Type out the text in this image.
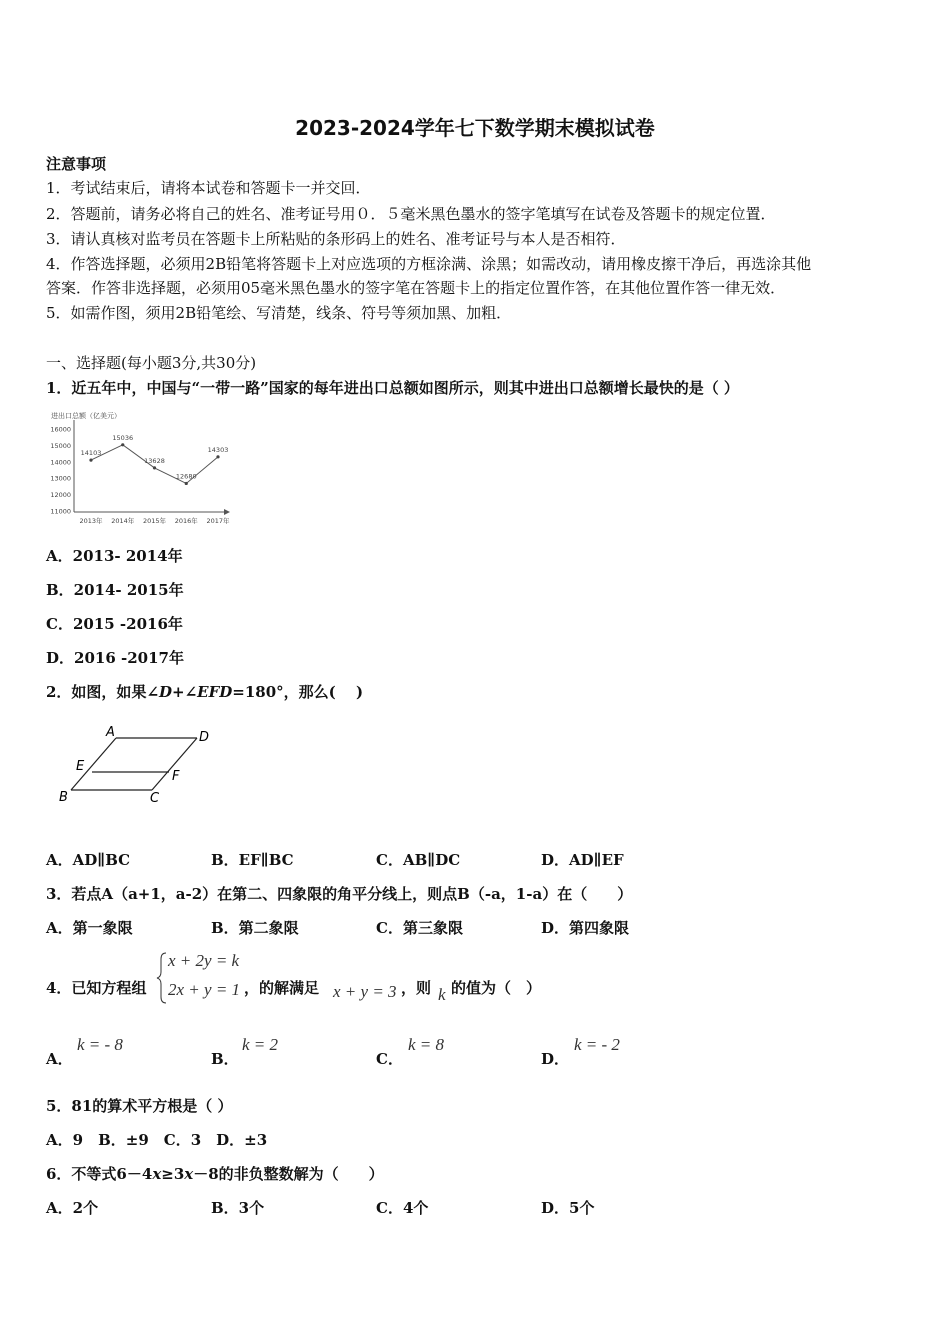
2023-2024学年七下数学期末模拟试卷
注意事项
1．考试结束后，请将本试卷和答题卡一并交回．
2．答题前，请务必将自己的姓名、准考证号用０．５毫米黑色墨水的签字笔填写在试卷及答题卡的规定位置．
3．请认真核对监考员在答题卡上所粘贴的条形码上的姓名、准考证号与本人是否相符．
4．作答选择题，必须用2B铅笔将答题卡上对应选项的方框涂满、涂黑；如需改动，请用橡皮擦干净后，再选涂其他
答案．作答非选择题，必须用05毫米黑色墨水的签字笔在答题卡上的指定位置作答，在其他位置作答一律无效．
5．如需作图，须用2B铅笔绘、写清楚，线条、符号等须加黑、加粗．
一、选择题(每小题3分,共30分)
1．近五年中，中国与“一带一路”国家的每年进出口总额如图所示，则其中进出口总额增长最快的是（ ）
进出口总额（亿美元）
16000
15000
14000
13000
12000
11000
2013年 2014年 2015年 2016年 2017年
14103
15036
13628
12680
14303
A．2013- 2014年
B．2014- 2015年
C．2015 -2016年
D．2016 -2017年
2．如图，如果∠D+∠EFD=180°，那么(　 )
A	D
E
F
B	C
A．AD∥BC	B．EF∥BC	C．AB∥DC	D．AD∥EF
3．若点A（a+1，a-2）在第二、四象限的角平分线上，则点B（-a，1-a）在（　　）
A．第一象限	B．第二象限	C．第三象限	D．第四象限
4．已知方程组
x + 2y = k
2x + y = 1 ，的解满足 x + y = 3 ，则 k 的值为（　）
A．
k = - 8
B．
k = 2
C．
k = 8
D．
k = - 2
5．81的算术平方根是（ ）
A．9　B．±9　C．3　D．±3
6．不等式6－4x≥3x－8的非负整数解为（　　）
A．2个	B．3个	C．4个	D．5个
